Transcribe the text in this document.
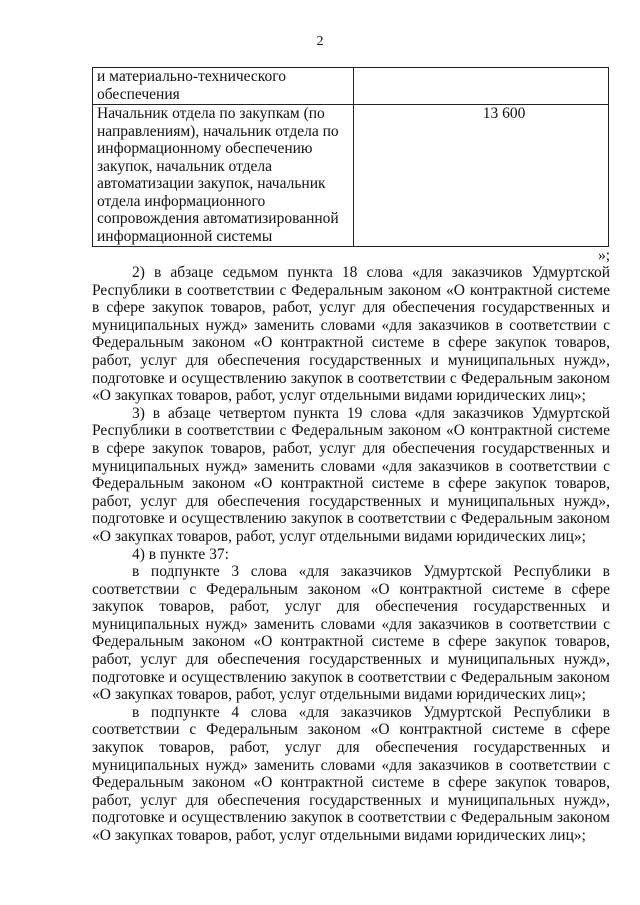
2
и материально-технического обеспечения	
Начальник отдела по закупкам (по направлениям), начальник отдела по информационному обеспечению закупок, начальник отдела автоматизации закупок, начальник отдела информационного сопровождения автоматизированной информационной системы	13 600
»;

2) в абзаце седьмом пункта 18 слова «для заказчиков Удмуртской Республики в соответствии с Федеральным законом «О контрактной системе в сфере закупок товаров, работ, услуг для обеспечения государственных и муниципальных нужд» заменить словами «для заказчиков в соответствии с Федеральным законом «О контрактной системе в сфере закупок товаров, работ, услуг для обеспечения государственных и муниципальных нужд», подготовке и осуществлению закупок в соответствии с Федеральным законом «О закупках товаров, работ, услуг отдельными видами юридических лиц»;

3) в абзаце четвертом пункта 19 слова «для заказчиков Удмуртской Республики в соответствии с Федеральным законом «О контрактной системе в сфере закупок товаров, работ, услуг для обеспечения государственных и муниципальных нужд» заменить словами «для заказчиков в соответствии с Федеральным законом «О контрактной системе в сфере закупок товаров, работ, услуг для обеспечения государственных и муниципальных нужд», подготовке и осуществлению закупок в соответствии с Федеральным законом «О закупках товаров, работ, услуг отдельными видами юридических лиц»;

4) в пункте 37:

в подпункте 3 слова «для заказчиков Удмуртской Республики в соответствии с Федеральным законом «О контрактной системе в сфере закупок товаров, работ, услуг для обеспечения государственных и муниципальных нужд» заменить словами «для заказчиков в соответствии с Федеральным законом «О контрактной системе в сфере закупок товаров, работ, услуг для обеспечения государственных и муниципальных нужд», подготовке и осуществлению закупок в соответствии с Федеральным законом «О закупках товаров, работ, услуг отдельными видами юридических лиц»;

в подпункте 4 слова «для заказчиков Удмуртской Республики в соответствии с Федеральным законом «О контрактной системе в сфере закупок товаров, работ, услуг для обеспечения государственных и муниципальных нужд» заменить словами «для заказчиков в соответствии с Федеральным законом «О контрактной системе в сфере закупок товаров, работ, услуг для обеспечения государственных и муниципальных нужд», подготовке и осуществлению закупок в соответствии с Федеральным законом «О закупках товаров, работ, услуг отдельными видами юридических лиц»;
